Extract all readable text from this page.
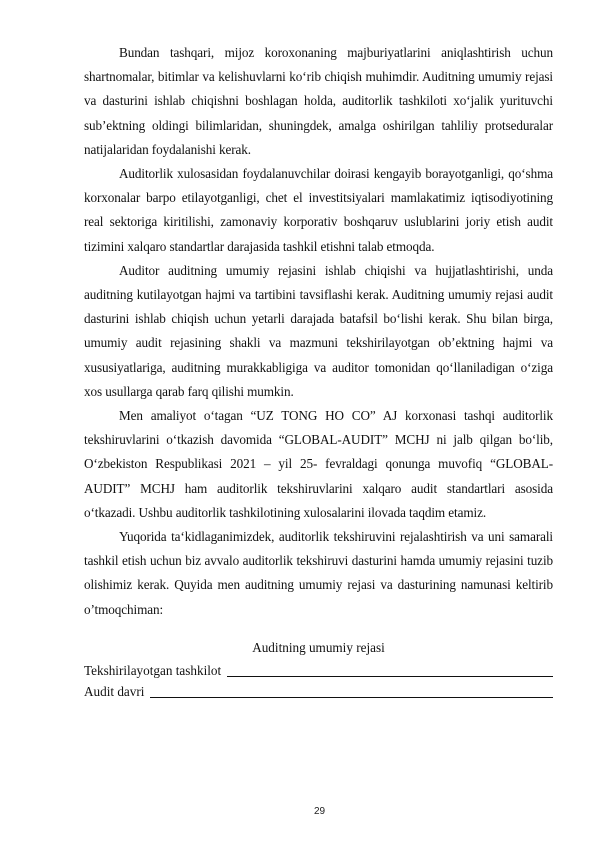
Bundan tashqari, mijoz koroxonaning majburiyatlarini aniqlashtirish uchun shartnomalar, bitimlar va kelishuvlarni ko‘rib chiqish muhimdir. Auditning umumiy rejasi va dasturini ishlab chiqishni boshlagan holda, auditorlik tashkiloti xo‘jalik yurituvchi sub’ektning oldingi bilimlaridan, shuningdek, amalga oshirilgan tahliliy protseduralar natijalaridan foydalanishi kerak.

Auditorlik xulosasidan foydalanuvchilar doirasi kengayib borayotganligi, qo‘shma korxonalar barpo etilayotganligi, chet el investitsiyalari mamlakatimiz iqtisodiyotining real sektoriga kiritilishi, zamonaviy korporativ boshqaruv uslublarini joriy etish audit tizimini xalqaro standartlar darajasida tashkil etishni talab etmoqda.

Auditor auditning umumiy rejasini ishlab chiqishi va hujjatlashtirishi, unda auditning kutilayotgan hajmi va tartibini tavsiflashi kerak. Auditning umumiy rejasi audit dasturini ishlab chiqish uchun yetarli darajada batafsil bo‘lishi kerak. Shu bilan birga, umumiy audit rejasining shakli va mazmuni tekshirilayotgan ob’ektning hajmi va xususiyatlariga, auditning murakkabligiga va auditor tomonidan qo‘llaniladigan o‘ziga xos usullarga qarab farq qilishi mumkin.

Men amaliyot o‘tagan “UZ TONG HO CO” AJ korxonasi tashqi auditorlik tekshiruvlarini o‘tkazish davomida “GLOBAL-AUDIT” MCHJ ni jalb qilgan bo‘lib, O‘zbekiston Respublikasi 2021 – yil 25- fevraldagi qonunga muvofiq “GLOBAL-AUDIT” MCHJ ham auditorlik tekshiruvlarini xalqaro audit standartlari asosida o‘tkazadi. Ushbu auditorlik tashkilotining xulosalarini ilovada taqdim etamiz.

Yuqorida ta‘kidlaganimizdek, auditorlik tekshiruvini rejalashtirish va uni samarali tashkil etish uchun biz avvalo auditorlik tekshiruvi dasturini hamda umumiy rejasini tuzib olishimiz kerak. Quyida men auditning umumiy rejasi va dasturining namunasi keltirib o’tmoqchiman:

Auditning umumiy rejasi
Tekshirilayotgan tashkilot
Audit davri
29
